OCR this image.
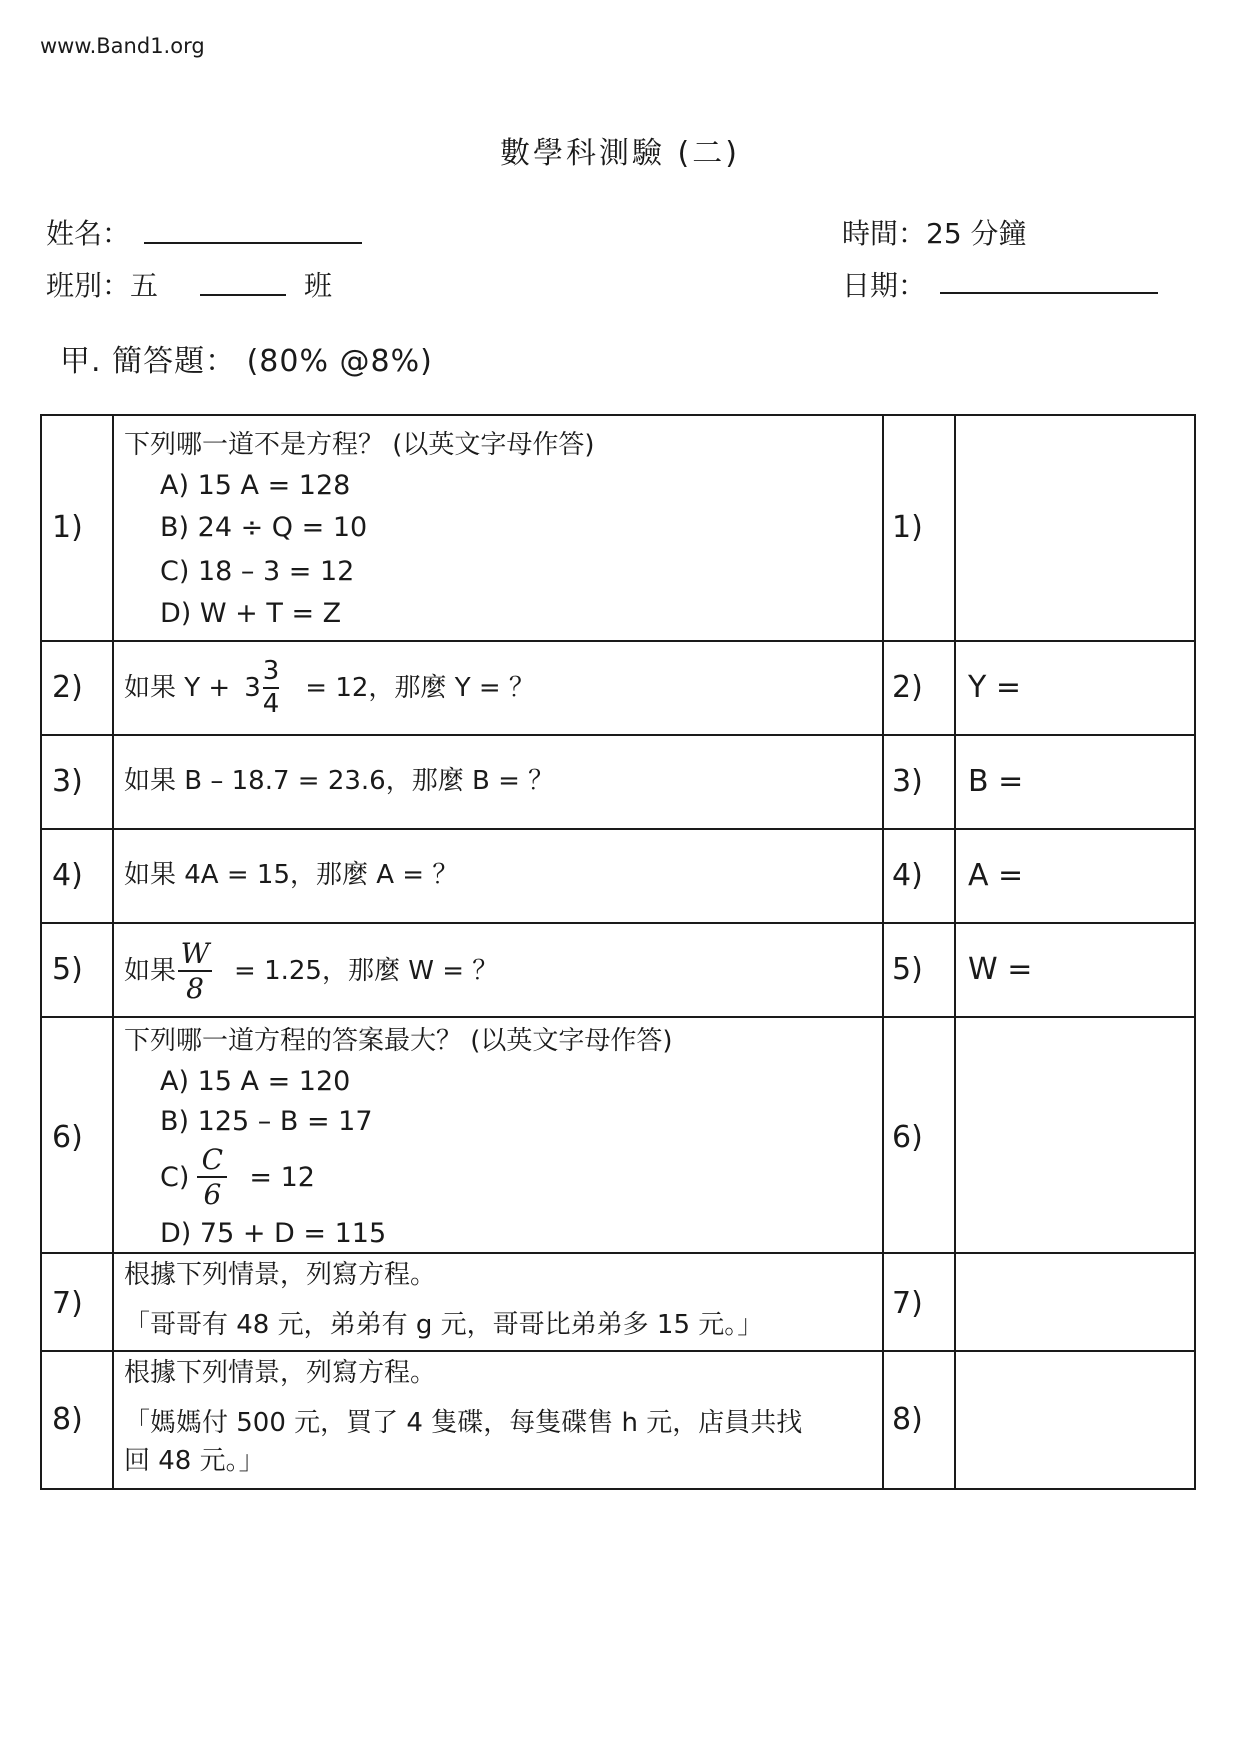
www.Band1.org
數學科測驗 (二)
姓名：
班別：五	班
時間：25 分鐘
日期：
甲. 簡答題： (80% @8%)
1)
下列哪一道不是方程？ (以英文字母作答)
A) 15 A = 128
B) 24 ÷ Q = 10
C) 18 – 3 = 12
D) W + T = Z
1)
2) 如果 $Y + 3 \frac{3}{4} = 12$，那麼 Y = ？	2) Y =
3) 如果 B – 18.7 = 23.6，那麼 B = ？	3) B =
4) 如果 4A = 15，那麼 A = ？	4) A =
5) 如果 $\frac{W}{8} = 1.25$，那麼 W = ？	5) W =
6)
下列哪一道方程的答案最大？ (以英文字母作答)
A) 15 A = 120
B) 125 – B = 17
$C) \frac{C}{6} = 12$
D) 75 + D = 115
6)
7)
根據下列情景，列寫方程。
「哥哥有 48 元，弟弟有 g 元，哥哥比弟弟多 15 元。」
7)
8)
根據下列情景，列寫方程。
「媽媽付 500 元，買了 4 隻碟，每隻碟售 h 元，店員共找
回 48 元。」
8)
